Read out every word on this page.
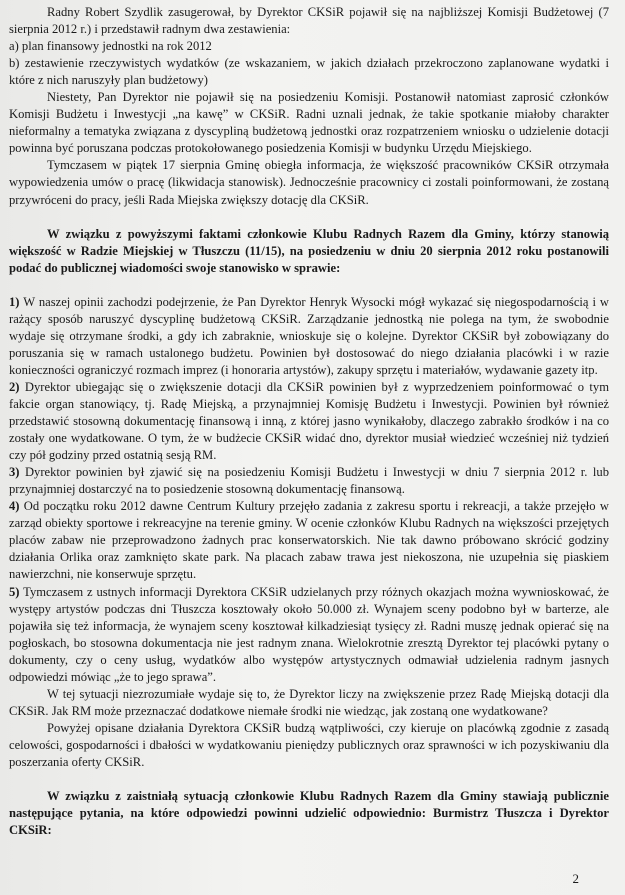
Radny Robert Szydlik zasugerował, by Dyrektor CKSiR pojawił się na najbliższej Komisji Budżetowej (7 sierpnia 2012 r.) i przedstawił radnym dwa zestawienia:

a) plan finansowy jednostki na rok 2012

b) zestawienie rzeczywistych wydatków (ze wskazaniem, w jakich działach przekroczono zaplanowane wydatki i które z nich naruszyły plan budżetowy)

Niestety, Pan Dyrektor nie pojawił się na posiedzeniu Komisji. Postanowił natomiast zaprosić członków Komisji Budżetu i Inwestycji „na kawę” w CKSiR. Radni uznali jednak, że takie spotkanie miałoby charakter nieformalny a tematyka związana z dyscypliną budżetową jednostki oraz rozpatrzeniem wniosku o udzielenie dotacji powinna być poruszana podczas protokołowanego posiedzenia Komisji w budynku Urzędu Miejskiego.

Tymczasem w piątek 17 sierpnia Gminę obiegła informacja, że większość pracowników CKSiR otrzymała wypowiedzenia umów o pracę (likwidacja stanowisk). Jednocześnie pracownicy ci zostali poinformowani, że zostaną przywróceni do pracy, jeśli Rada Miejska zwiększy dotację dla CKSiR.

W związku z powyższymi faktami członkowie Klubu Radnych Razem dla Gminy, którzy stanowią większość w Radzie Miejskiej w Tłuszczu (11/15), na posiedzeniu w dniu 20 sierpnia 2012 roku postanowili podać do publicznej wiadomości swoje stanowisko w sprawie:

1) W naszej opinii zachodzi podejrzenie, że Pan Dyrektor Henryk Wysocki mógł wykazać się niegospodarnością i w rażący sposób naruszyć dyscyplinę budżetową CKSiR. Zarządzanie jednostką nie polega na tym, że swobodnie wydaje się otrzymane środki, a gdy ich zabraknie, wnioskuje się o kolejne. Dyrektor CKSiR był zobowiązany do poruszania się w ramach ustalonego budżetu. Powinien był dostosować do niego działania placówki i w razie konieczności ograniczyć rozmach imprez (i honoraria artystów), zakupy sprzętu i materiałów, wydawanie gazety itp.

2) Dyrektor ubiegając się o zwiększenie dotacji dla CKSiR powinien był z wyprzedzeniem poinformować o tym fakcie organ stanowiący, tj. Radę Miejską, a przynajmniej Komisję Budżetu i Inwestycji. Powinien był również przedstawić stosowną dokumentację finansową i inną, z której jasno wynikałoby, dlaczego zabrakło środków i na co zostały one wydatkowane. O tym, że w budżecie CKSiR widać dno, dyrektor musiał wiedzieć wcześniej niż tydzień czy pół godziny przed ostatnią sesją RM.

3) Dyrektor powinien był zjawić się na posiedzeniu Komisji Budżetu i Inwestycji w dniu 7 sierpnia 2012 r. lub przynajmniej dostarczyć na to posiedzenie stosowną dokumentację finansową.

4) Od początku roku 2012 dawne Centrum Kultury przejęło zadania z zakresu sportu i rekreacji, a także przejęło w zarząd obiekty sportowe i rekreacyjne na terenie gminy. W ocenie członków Klubu Radnych na większości przejętych placów zabaw nie przeprowadzono żadnych prac konserwatorskich. Nie tak dawno próbowano skrócić godziny działania Orlika oraz zamknięto skate park. Na placach zabaw trawa jest niekoszona, nie uzupełnia się piaskiem nawierzchni, nie konserwuje sprzętu.

5) Tymczasem z ustnych informacji Dyrektora CKSiR udzielanych przy różnych okazjach można wywnioskować, że występy artystów podczas dni Tłuszcza kosztowały około 50.000 zł. Wynajem sceny podobno był w barterze, ale pojawiła się też informacja, że wynajem sceny kosztował kilkadziesiąt tysięcy zł. Radni muszę jednak opierać się na pogłoskach, bo stosowna dokumentacja nie jest radnym znana. Wielokrotnie zresztą Dyrektor tej placówki pytany o dokumenty, czy o ceny usług, wydatków albo występów artystycznych odmawiał udzielenia radnym jasnych odpowiedzi mówiąc „że to jego sprawa”.

W tej sytuacji niezrozumiałe wydaje się to, że Dyrektor liczy na zwiększenie przez Radę Miejską dotacji dla CKSiR. Jak RM może przeznaczać dodatkowe niemałe środki nie wiedząc, jak zostaną one wydatkowane?

Powyżej opisane działania Dyrektora CKSiR budzą wątpliwości, czy kieruje on placówką zgodnie z zasadą celowości, gospodarności i dbałości w wydatkowaniu pieniędzy publicznych oraz sprawności w ich pozyskiwaniu dla poszerzania oferty CKSiR.

W związku z zaistniałą sytuacją członkowie Klubu Radnych Razem dla Gminy stawiają publicznie następujące pytania, na które odpowiedzi powinni udzielić odpowiednio: Burmistrz Tłuszcza i Dyrektor CKSiR:

2
